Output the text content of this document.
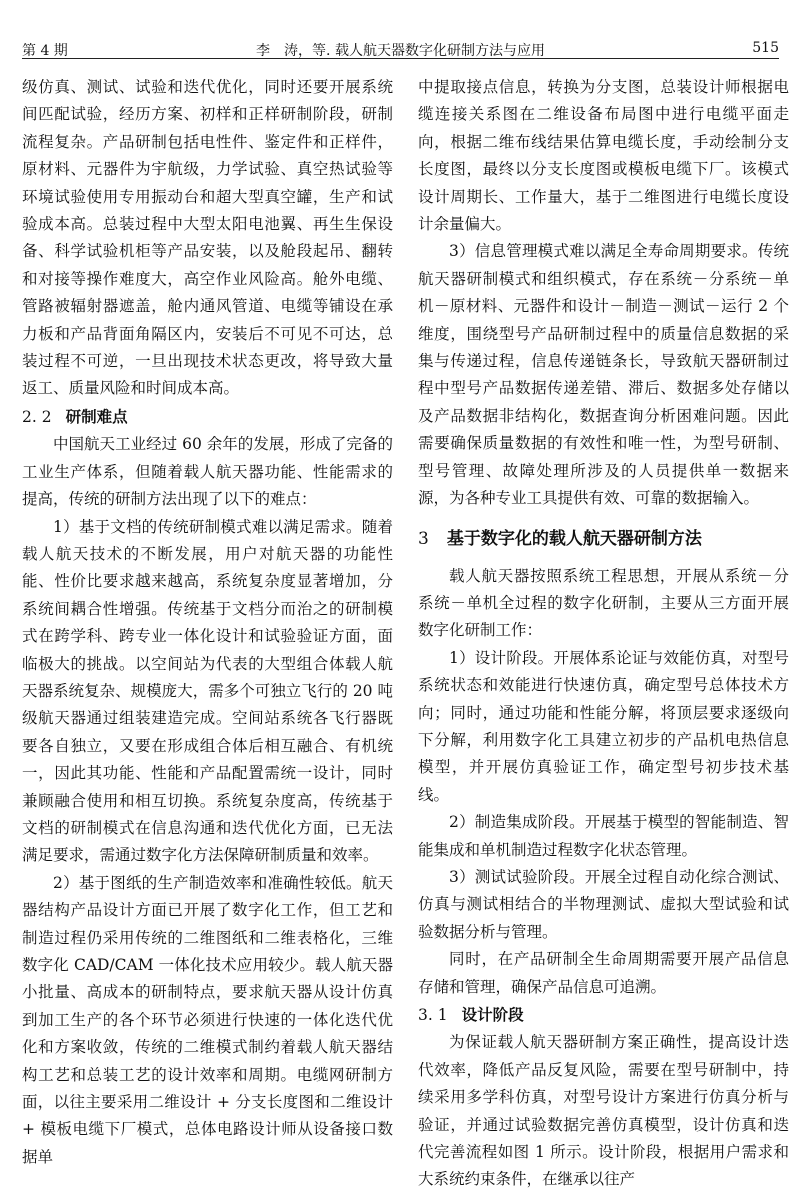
第 4 期	李　涛，等. 载人航天器数字化研制方法与应用	515

级仿真、测试、试验和迭代优化，同时还要开展系统间匹配试验，经历方案、初样和正样研制阶段，研制流程复杂。产品研制包括电性件、鉴定件和正样件，原材料、元器件为宇航级，力学试验、真空热试验等环境试验使用专用振动台和超大型真空罐，生产和试验成本高。总装过程中大型太阳电池翼、再生生保设备、科学试验机柜等产品安装，以及舱段起吊、翻转和对接等操作难度大，高空作业风险高。舱外电缆、管路被辐射器遮盖，舱内通风管道、电缆等铺设在承力板和产品背面角隔区内，安装后不可见不可达，总装过程不可逆，一旦出现技术状态更改，将导致大量返工、质量风险和时间成本高。

2. 2 研制难点

中国航天工业经过 60 余年的发展，形成了完备的工业生产体系，但随着载人航天器功能、性能需求的提高，传统的研制方法出现了以下的难点：

1）基于文档的传统研制模式难以满足需求。随着载人航天技术的不断发展，用户对航天器的功能性能、性价比要求越来越高，系统复杂度显著增加，分系统间耦合性增强。传统基于文档分而治之的研制模式在跨学科、跨专业一体化设计和试验验证方面，面临极大的挑战。以空间站为代表的大型组合体载人航天器系统复杂、规模庞大，需多个可独立飞行的 20 吨级航天器通过组装建造完成。空间站系统各飞行器既要各自独立，又要在形成组合体后相互融合、有机统一，因此其功能、性能和产品配置需统一设计，同时兼顾融合使用和相互切换。系统复杂度高，传统基于文档的研制模式在信息沟通和迭代优化方面，已无法满足要求，需通过数字化方法保障研制质量和效率。

2）基于图纸的生产制造效率和准确性较低。航天器结构产品设计方面已开展了数字化工作，但工艺和制造过程仍采用传统的二维图纸和二维表格化，三维数字化 CAD/CAM 一体化技术应用较少。载人航天器小批量、高成本的研制特点，要求航天器从设计仿真到加工生产的各个环节必须进行快速的一体化迭代优化和方案收敛，传统的二维模式制约着载人航天器结构工艺和总装工艺的设计效率和周期。电缆网研制方面，以往主要采用二维设计 + 分支长度图和二维设计 + 模板电缆下厂模式，总体电路设计师从设备接口数据单

中提取接点信息，转换为分支图，总装设计师根据电缆连接关系图在二维设备布局图中进行电缆平面走向，根据二维布线结果估算电缆长度，手动绘制分支长度图，最终以分支长度图或模板电缆下厂。该模式设计周期长、工作量大，基于二维图进行电缆长度设计余量偏大。

3）信息管理模式难以满足全寿命周期要求。传统航天器研制模式和组织模式，存在系统－分系统－单机－原材料、元器件和设计－制造－测试－运行 2 个维度，围绕型号产品研制过程中的质量信息数据的采集与传递过程，信息传递链条长，导致航天器研制过程中型号产品数据传递差错、滞后、数据多处存储以及产品数据非结构化，数据查询分析困难问题。因此需要确保质量数据的有效性和唯一性，为型号研制、型号管理、故障处理所涉及的人员提供单一数据来源，为各种专业工具提供有效、可靠的数据输入。

3 基于数字化的载人航天器研制方法

载人航天器按照系统工程思想，开展从系统－分系统－单机全过程的数字化研制，主要从三方面开展数字化研制工作：

1）设计阶段。开展体系论证与效能仿真，对型号系统状态和效能进行快速仿真，确定型号总体技术方向；同时，通过功能和性能分解，将顶层要求逐级向下分解，利用数字化工具建立初步的产品机电热信息模型，并开展仿真验证工作，确定型号初步技术基线。

2）制造集成阶段。开展基于模型的智能制造、智能集成和单机制造过程数字化状态管理。

3）测试试验阶段。开展全过程自动化综合测试、仿真与测试相结合的半物理测试、虚拟大型试验和试验数据分析与管理。

同时，在产品研制全生命周期需要开展产品信息存储和管理，确保产品信息可追溯。

3. 1 设计阶段

为保证载人航天器研制方案正确性，提高设计迭代效率，降低产品反复风险，需要在型号研制中，持续采用多学科仿真，对型号设计方案进行仿真分析与验证，并通过试验数据完善仿真模型，设计仿真和迭代完善流程如图 1 所示。设计阶段，根据用户需求和大系统约束条件，在继承以往产
